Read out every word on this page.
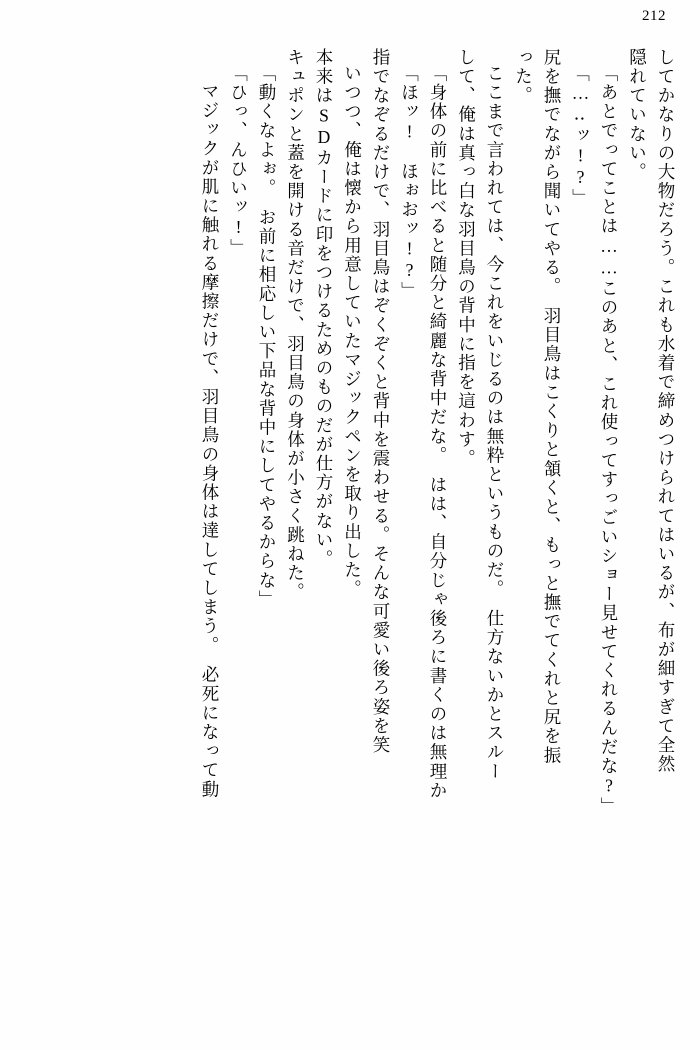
212
してかなりの大物だろう。これも水着で締めつけられてはいるが、布が細すぎて全然
隠れていない。
「あとでってことは……このあと、これ使ってすっごいショー見せてくれるんだな?」
「…‥ッ!?」
尻を撫でながら聞いてやる。　羽目鳥はこくりと頷くと、もっと撫でてくれと尻を振
った。
ここまで言われては、今これをいじるのは無粋というものだ。　仕方ないかとスルー
して、俺は真っ白な羽目鳥の背中に指を這わす。
「身体の前に比べると随分と綺麗な背中だな。　はは、自分じゃ後ろに書くのは無理か
「ほッ!　ほぉおッ!?」
指でなぞるだけで、羽目鳥はぞくぞくと背中を震わせる。そんな可愛い後ろ姿を笑
いつつ、俺は懐から用意していたマジックペンを取り出した。
本来はSDカードに印をつけるためのものだが仕方がない。
キュポンと蓋を開ける音だけで、羽目鳥の身体が小さく跳ねた。
「動くなよぉ。　お前に相応しい下品な背中にしてやるからな」
「ひっ、んひいッ!」
マジックが肌に触れる摩擦だけで、羽目鳥の身体は達してしまう。　必死になって動
